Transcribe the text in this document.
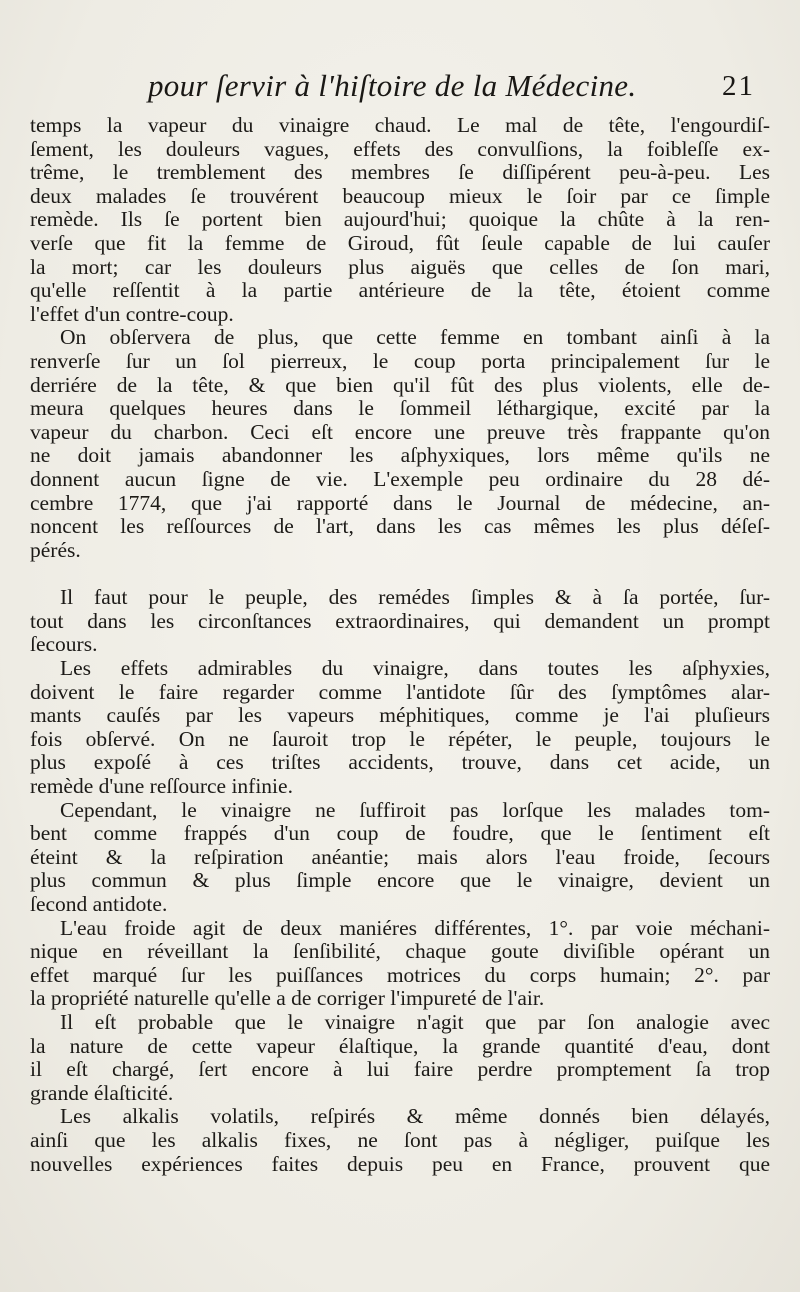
pour ſervir à l'hiſtoire de la Médecine.	21
temps la vapeur du vinaigre chaud. Le mal de tête, l'engourdiſ-
ſement, les douleurs vagues, effets des convulſions, la foibleſſe ex-
trême, le tremblement des membres ſe diſſipérent peu-à-peu. Les
deux malades ſe trouvérent beaucoup mieux le ſoir par ce ſimple
remède. Ils ſe portent bien aujourd'hui; quoique la chûte à la ren-
verſe que fit la femme de Giroud, fût ſeule capable de lui cauſer
la mort; car les douleurs plus aiguës que celles de ſon mari,
qu'elle reſſentit à la partie antérieure de la tête, étoient comme
l'effet d'un contre-coup.
On obſervera de plus, que cette femme en tombant ainſi à la
renverſe ſur un ſol pierreux, le coup porta principalement ſur le
derriére de la tête, & que bien qu'il fût des plus violents, elle de-
meura quelques heures dans le ſommeil léthargique, excité par la
vapeur du charbon. Ceci eſt encore une preuve très frappante qu'on
ne doit jamais abandonner les aſphyxiques, lors même qu'ils ne
donnent aucun ſigne de vie. L'exemple peu ordinaire du 28 dé-
cembre 1774, que j'ai rapporté dans le Journal de médecine, an-
noncent les reſſources de l'art, dans les cas mêmes les plus déſeſ-
pérés.
Il faut pour le peuple, des remédes ſimples & à ſa portée, ſur-
tout dans les circonſtances extraordinaires, qui demandent un prompt
ſecours.
Les effets admirables du vinaigre, dans toutes les aſphyxies,
doivent le faire regarder comme l'antidote ſûr des ſymptômes alar-
mants cauſés par les vapeurs méphitiques, comme je l'ai pluſieurs
fois obſervé. On ne ſauroit trop le répéter, le peuple, toujours le
plus expoſé à ces triſtes accidents, trouve, dans cet acide, un
remède d'une reſſource infinie.
Cependant, le vinaigre ne ſuffiroit pas lorſque les malades tom-
bent comme frappés d'un coup de foudre, que le ſentiment eſt
éteint & la reſpiration anéantie; mais alors l'eau froide, ſecours
plus commun & plus ſimple encore que le vinaigre, devient un
ſecond antidote.
L'eau froide agit de deux maniéres différentes, 1°. par voie méchani-
nique en réveillant la ſenſibilité, chaque goute diviſible opérant un
effet marqué ſur les puiſſances motrices du corps humain; 2°. par
la propriété naturelle qu'elle a de corriger l'impureté de l'air.
Il eſt probable que le vinaigre n'agit que par ſon analogie avec
la nature de cette vapeur élaſtique, la grande quantité d'eau, dont
il eſt chargé, ſert encore à lui faire perdre promptement ſa trop
grande élaſticité.
Les alkalis volatils, reſpirés & même donnés bien délayés,
ainſi que les alkalis fixes, ne ſont pas à négliger, puiſque les
nouvelles expériences faites depuis peu en France, prouvent que
